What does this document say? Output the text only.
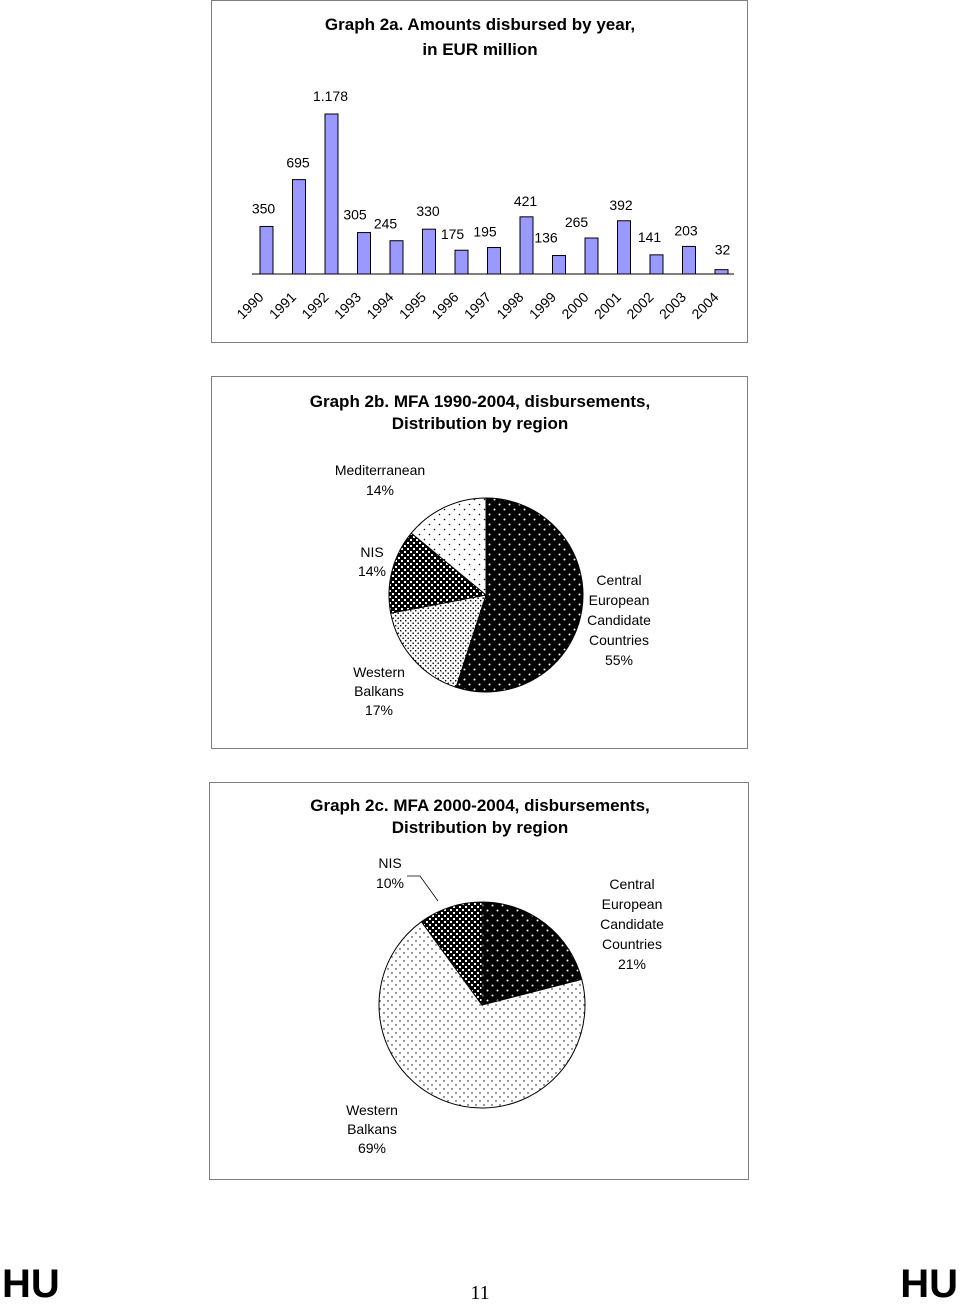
Graph 2a. Amounts disbursed by year,
in EUR million
350
1990
695
1991
1.178
1992
305
1993
245
1994
330
1995
175
1996
195
1997
421
1998
136
1999
265
2000
392
2001
141
2002
203
2003
32
2004
Graph 2b. MFA 1990-2004, disbursements,
Distribution by region
Central European Candidate Countries 55%
Western Balkans 17%
NIS 14%
Mediterranean 14%
Graph 2c. MFA 2000-2004, disbursements,
Distribution by region
Central European Candidate Countries 21%
Western Balkans 69%
NIS 10%
HU	HU
11
